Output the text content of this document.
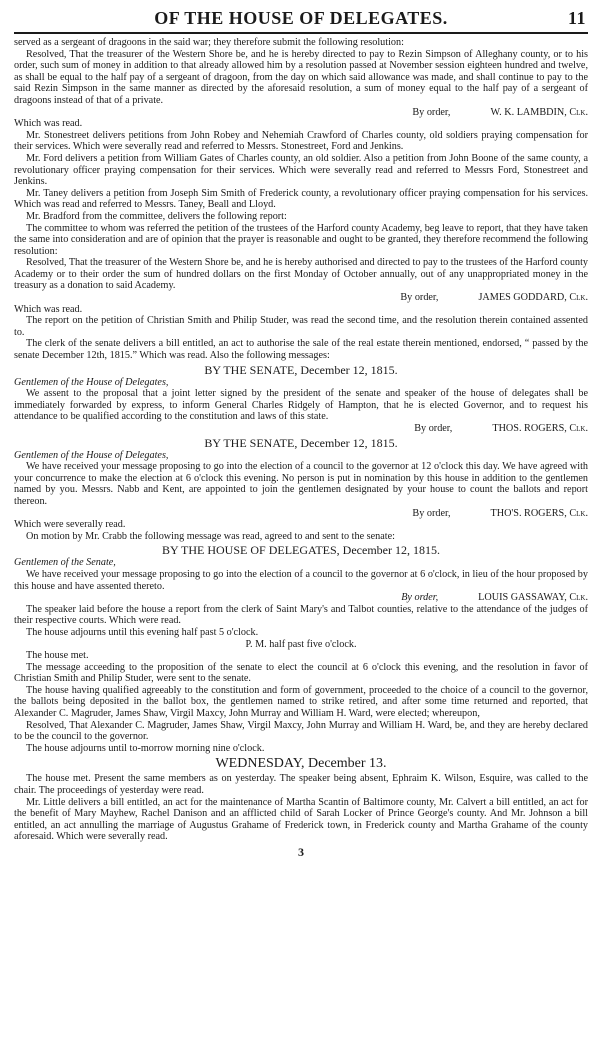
OF THE HOUSE OF DELEGATES.	11

served as a sergeant of dragoons in the said war; they therefore submit the following resolution:

Resolved, That the treasurer of the Western Shore be, and he is hereby directed to pay to Rezin Simpson of Alleghany county, or to his order, such sum of money in addition to that already allowed him by a resolution passed at November session eighteen hundred and twelve, as shall be equal to the half pay of a sergeant of dragoon, from the day on which said allowance was made, and shall continue to pay to the said Rezin Simpson in the same manner as directed by the aforesaid resolution, a sum of money equal to the half pay of a sergeant of dragoons instead of that of a private.

By order,	W. K. LAMBDIN, Clk.

Which was read.

Mr. Stonestreet delivers petitions from John Robey and Nehemiah Crawford of Charles county, old soldiers praying compensation for their services. Which were severally read and referred to Messrs. Stonestreet, Ford and Jenkins.

Mr. Ford delivers a petition from William Gates of Charles county, an old soldier. Also a petition from John Boone of the same county, a revolutionary officer praying compensation for their services. Which were severally read and referred to Messrs Ford, Stonestreet and Jenkins.

Mr. Taney delivers a petition from Joseph Sim Smith of Frederick county, a revolutionary officer praying compensation for his services. Which was read and referred to Messrs. Taney, Beall and Lloyd.

Mr. Bradford from the committee, delivers the following report:

The committee to whom was referred the petition of the trustees of the Harford county Academy, beg leave to report, that they have taken the same into consideration and are of opinion that the prayer is reasonable and ought to be granted, they therefore recommend the following resolution:

Resolved, That the treasurer of the Western Shore be, and he is hereby authorised and directed to pay to the trustees of the Harford county Academy or to their order the sum of hundred dollars on the first Monday of October annually, out of any unappropriated money in the treasury as a donation to said Academy.

By order,	JAMES GODDARD, Clk.

Which was read.

The report on the petition of Christian Smith and Philip Studer, was read the second time, and the resolution therein contained assented to.

The clerk of the senate delivers a bill entitled, an act to authorise the sale of the real estate therein mentioned, endorsed, “ passed by the senate December 12th, 1815.” Which was read. Also the following messages:

BY THE SENATE, December 12, 1815.

Gentlemen of the House of Delegates,

We assent to the proposal that a joint letter signed by the president of the senate and speaker of the house of delegates shall be immediately forwarded by express, to inform General Charles Ridgely of Hampton, that he is elected Governor, and to request his attendance to be qualified according to the constitution and laws of this state.

By order,	THOS. ROGERS, Clk.
BY THE SENATE, December 12, 1815.

Gentlemen of the House of Delegates,

We have received your message proposing to go into the election of a council to the governor at 12 o'clock this day. We have agreed with your concurrence to make the election at 6 o'clock this evening. No person is put in nomination by this house in addition to the gentlemen named by you. Messrs. Nabb and Kent, are appointed to join the gentlemen designated by your house to count the ballots and report thereon.

By order,	THO'S. ROGERS, Clk.

Which were severally read.

On motion by Mr. Crabb the following message was read, agreed to and sent to the senate:

BY THE HOUSE OF DELEGATES, December 12, 1815.

Gentlemen of the Senate,

We have received your message proposing to go into the election of a council to the governor at 6 o'clock, in lieu of the hour proposed by this house and have assented thereto.

By order,	LOUIS GASSAWAY, Clk.

The speaker laid before the house a report from the clerk of Saint Mary's and Talbot counties, relative to the attendance of the judges of their respective courts. Which were read.

The house adjourns until this evening half past 5 o'clock.

P. M. half past five o'clock.

The house met.

The message acceeding to the proposition of the senate to elect the council at 6 o'clock this evening, and the resolution in favor of Christian Smith and Philip Studer, were sent to the senate.

The house having qualified agreeably to the constitution and form of government, proceeded to the choice of a council to the governor, the ballots being deposited in the ballot box, the gentlemen named to strike retired, and after some time returned and reported, that Alexander C. Magruder, James Shaw, Virgil Maxcy, John Murray and William H. Ward, were elected; whereupon,

Resolved, That Alexander C. Magruder, James Shaw, Virgil Maxcy, John Murray and William H. Ward, be, and they are hereby declared to be the council to the governor.

The house adjourns until to-morrow morning nine o'clock.

WEDNESDAY, December 13.

The house met. Present the same members as on yesterday. The speaker being absent, Ephraim K. Wilson, Esquire, was called to the chair. The proceedings of yesterday were read.

Mr. Little delivers a bill entitled, an act for the maintenance of Martha Scantin of Baltimore county, Mr. Calvert a bill entitled, an act for the benefit of Mary Mayhew, Rachel Danison and an afflicted child of Sarah Locker of Prince George's county. And Mr. Johnson a bill entitled, an act annulling the marriage of Augustus Grahame of Frederick town, in Frederick county and Martha Grahame of the county aforesaid. Which were severally read.

3
